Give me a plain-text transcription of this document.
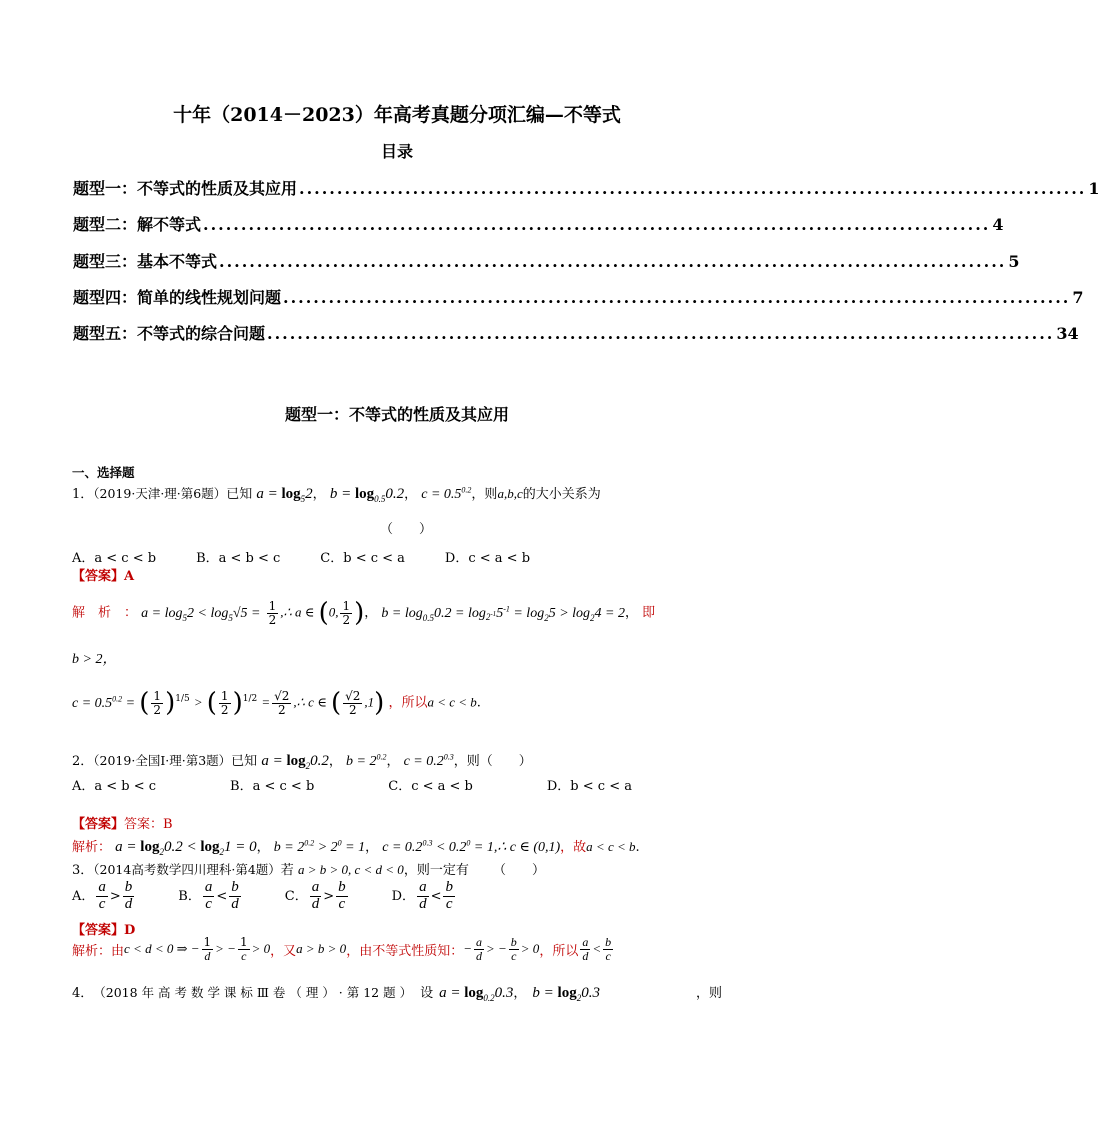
十年（2014－2023）年高考真题分项汇编—不等式
目录
题型一：不等式的性质及其应用 ........................................................................................................ 1
题型二：解不等式 ........................................................................................................ 4
题型三：基本不等式 ........................................................................................................ 5
题型四：简单的线性规划问题 ........................................................................................................ 7
题型五：不等式的综合问题 ........................................................................................................ 34
题型一：不等式的性质及其应用
一、选择题
1．（2019·天津·理·第6题）已知 $a = \log_52$， $b = \log_{0.5}0.2$， $c = 0.5^{0.2}$，则a,b,c的大小关系为
（　　）
A．a < c < b	B．a < b < c	C．b < c < a	D．c < a < b
【答案】A
解　析　： $a = \log_52 < \log_5√5 = \frac{1}{2}$ ,∴ a ∈ (0, $\frac{1}{2}$ )， $b = \log_{0.5}0.2 = \log_{2^{-1}}5^{-1} = \log_25 > \log_24 = 2$， 即
b > 2，
$c = 0.5^{0.2}$ = ( $\frac{1}{2} )^{1/5}$ > ( $\frac{1}{2} )^{1/2} = \frac{√2}{2}$ ,∴ c ∈ ( $\frac{√2}{2} ,1$) ，所以a < c < b.
2．（2019·全国Ⅰ·理·第3题）已知 $a = \log_20.2$， $b = 2^{0.2}$， $c = 0.2^{0.3}$，则（　　）
A．a < b < c	B．a < c < b	C．c < a < b	D．b < c < a
【答案】答案：B
解析： $a = \log_20.2 < \log_21 = 0$， $b = 2^{0.2} > 2^0 = 1$， $c = 0.2^{0.3} < 0.2^0$ = 1,∴ c ∈ (0,1)，故a < c < b.
3．（2014高考数学四川理科·第4题）若 a > b > 0, c < d < 0，则一定有 （　　）
A． $\frac{a}{c} > \frac{b}{d}$	B． $\frac{a}{c} < \frac{b}{d}$	C． $\frac{a}{d} > \frac{b}{c}$	D． $\frac{a}{d} < \frac{b}{c}$
【答案】D
解析： 由 c < d < 0 ⇒ − $\frac{1}{d}$ > − $\frac{1}{c} > 0$ ，又 a > b > 0 ，由不等式性质知： − $\frac{a}{d}$ > − $\frac{b}{c} > 0$ ，所以 $\frac{a}{d} < \frac{b}{c}$
4． （2018 年 高 考 数 学 课 标 Ⅲ 卷 （ 理 ） · 第 12 题 ） 设 $a = \log_{0.2}0.3$ ， $b = \log_20.3$	，则
